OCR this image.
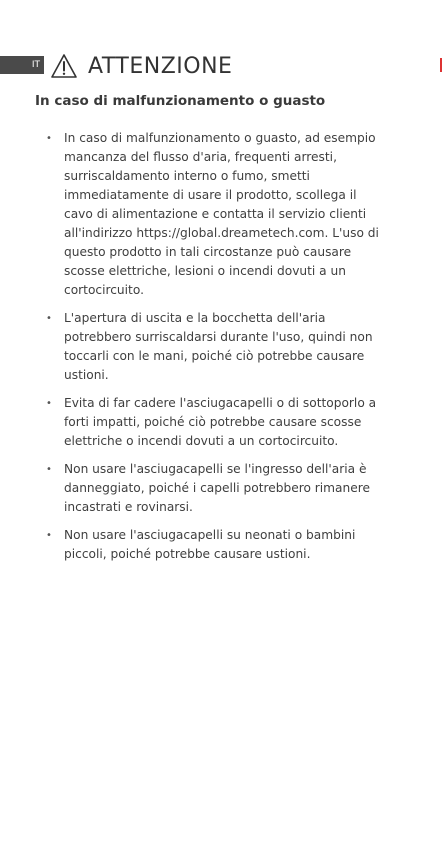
IT ATTENZIONE
In caso di malfunzionamento o guasto
• In caso di malfunzionamento o guasto, ad esempio mancanza del flusso d'aria, frequenti arresti, surriscaldamento interno o fumo, smetti immediatamente di usare il prodotto, scollega il cavo di alimentazione e contatta il servizio clienti all'indirizzo https://global.dreametech.com. L'uso di questo prodotto in tali circostanze può causare scosse elettriche, lesioni o incendi dovuti a un cortocircuito.
• L'apertura di uscita e la bocchetta dell'aria potrebbero surriscaldarsi durante l'uso, quindi non toccarli con le mani, poiché ciò potrebbe causare ustioni.
• Evita di far cadere l'asciugacapelli o di sottoporlo a forti impatti, poiché ciò potrebbe causare scosse elettriche o incendi dovuti a un cortocircuito.
• Non usare l'asciugacapelli se l'ingresso dell'aria è danneggiato, poiché i capelli potrebbero rimanere incastrati e rovinarsi.
• Non usare l'asciugacapelli su neonati o bambini piccoli, poiché potrebbe causare ustioni.
